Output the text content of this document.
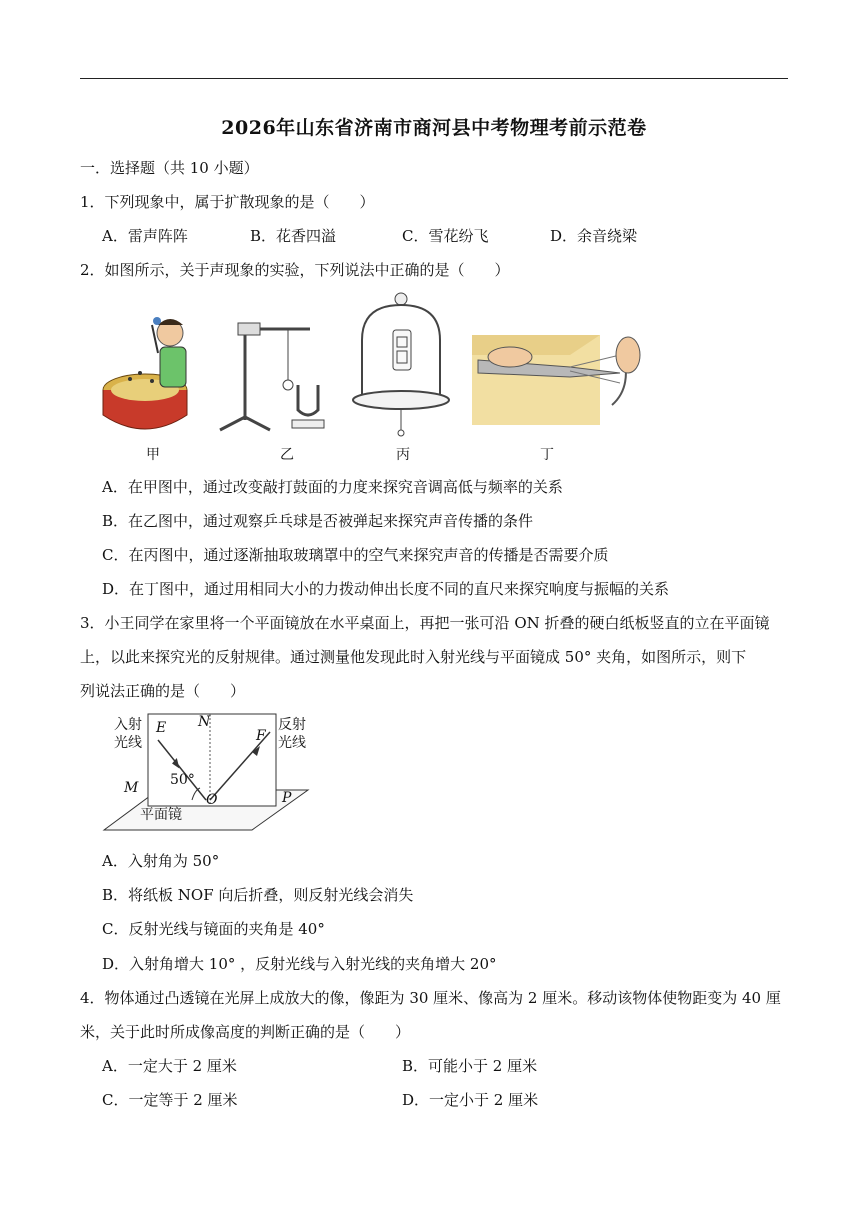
2026年山东省济南市商河县中考物理考前示范卷
一．选择题（共 10 小题）
1．下列现象中，属于扩散现象的是（　　）
A．雷声阵阵	B．花香四溢	C．雪花纷飞	D．余音绕梁
2．如图所示，关于声现象的实验，下列说法中正确的是（　　）
甲	乙	丙	丁
A．在甲图中，通过改变敲打鼓面的力度来探究音调高低与频率的关系
B．在乙图中，通过观察乒乓球是否被弹起来探究声音传播的条件
C．在丙图中，通过逐渐抽取玻璃罩中的空气来探究声音的传播是否需要介质
D．在丁图中，通过用相同大小的力拨动伸出长度不同的直尺来探究响度与振幅的关系
3．小王同学在家里将一个平面镜放在水平桌面上，再把一张可沿 ON 折叠的硬白纸板竖直的立在平面镜
上，以此来探究光的反射规律。通过测量他发现此时入射光线与平面镜成 50° 夹角，如图所示，则下
列说法正确的是（　　）
入射
光线
反射
光线
E N
F
M
O	P
50°
平面镜
A．入射角为 50°
B．将纸板 NOF 向后折叠，则反射光线会消失
C．反射光线与镜面的夹角是 40°
D．入射角增大 10° ，反射光线与入射光线的夹角增大 20°
4．物体通过凸透镜在光屏上成放大的像，像距为 30 厘米、像高为 2 厘米。移动该物体使物距变为 40 厘
米，关于此时所成像高度的判断正确的是（　　）
A．一定大于 2 厘米	B．可能小于 2 厘米
C．一定等于 2 厘米	D．一定小于 2 厘米
